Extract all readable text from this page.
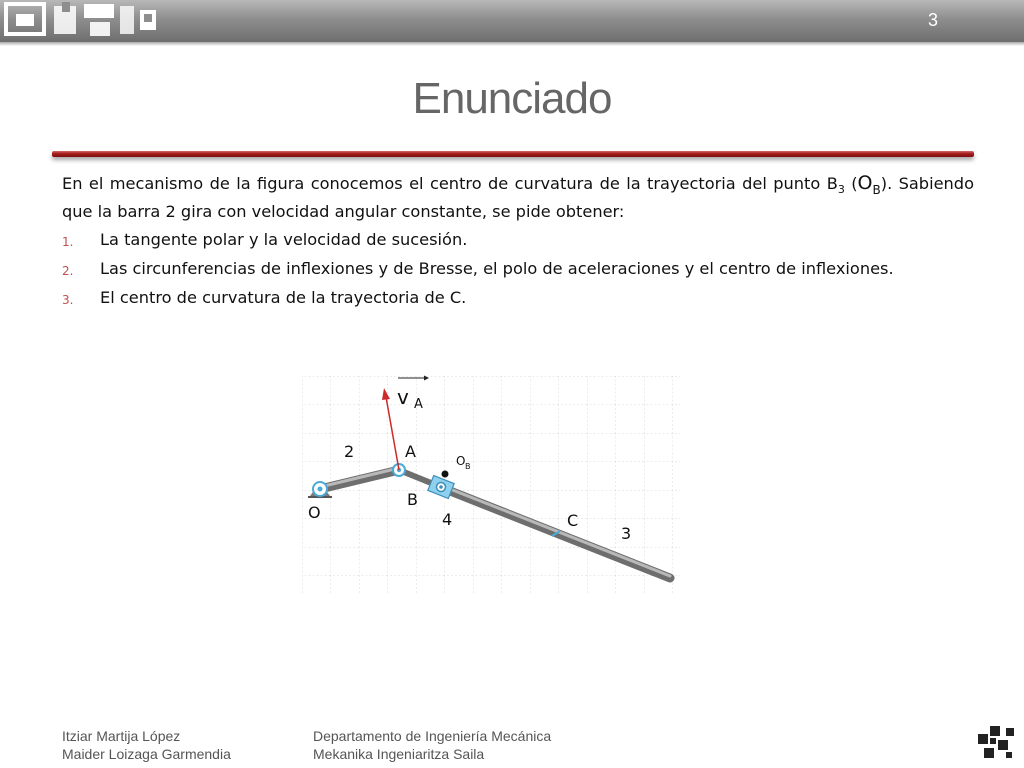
3
Enunciado

En el mecanismo de la figura conocemos el centro de curvatura de la trayectoria del punto $B_3$ $(O_B)$. Sabiendo que la barra 2 gira con velocidad angular constante, se pide obtener:

1. La tangente polar y la velocidad de sucesión.
2. Las circunferencias de inflexiones y de Bresse, el polo de aceleraciones y el centro de inflexiones.
3. El centro de curvatura de la trayectoria de C.
v A
2	A	O B
O
B
4	C
3
Itziar Martija López
Maider Loizaga Garmendia
Departamento de Ingeniería Mecánica
Mekanika Ingeniaritza Saila
